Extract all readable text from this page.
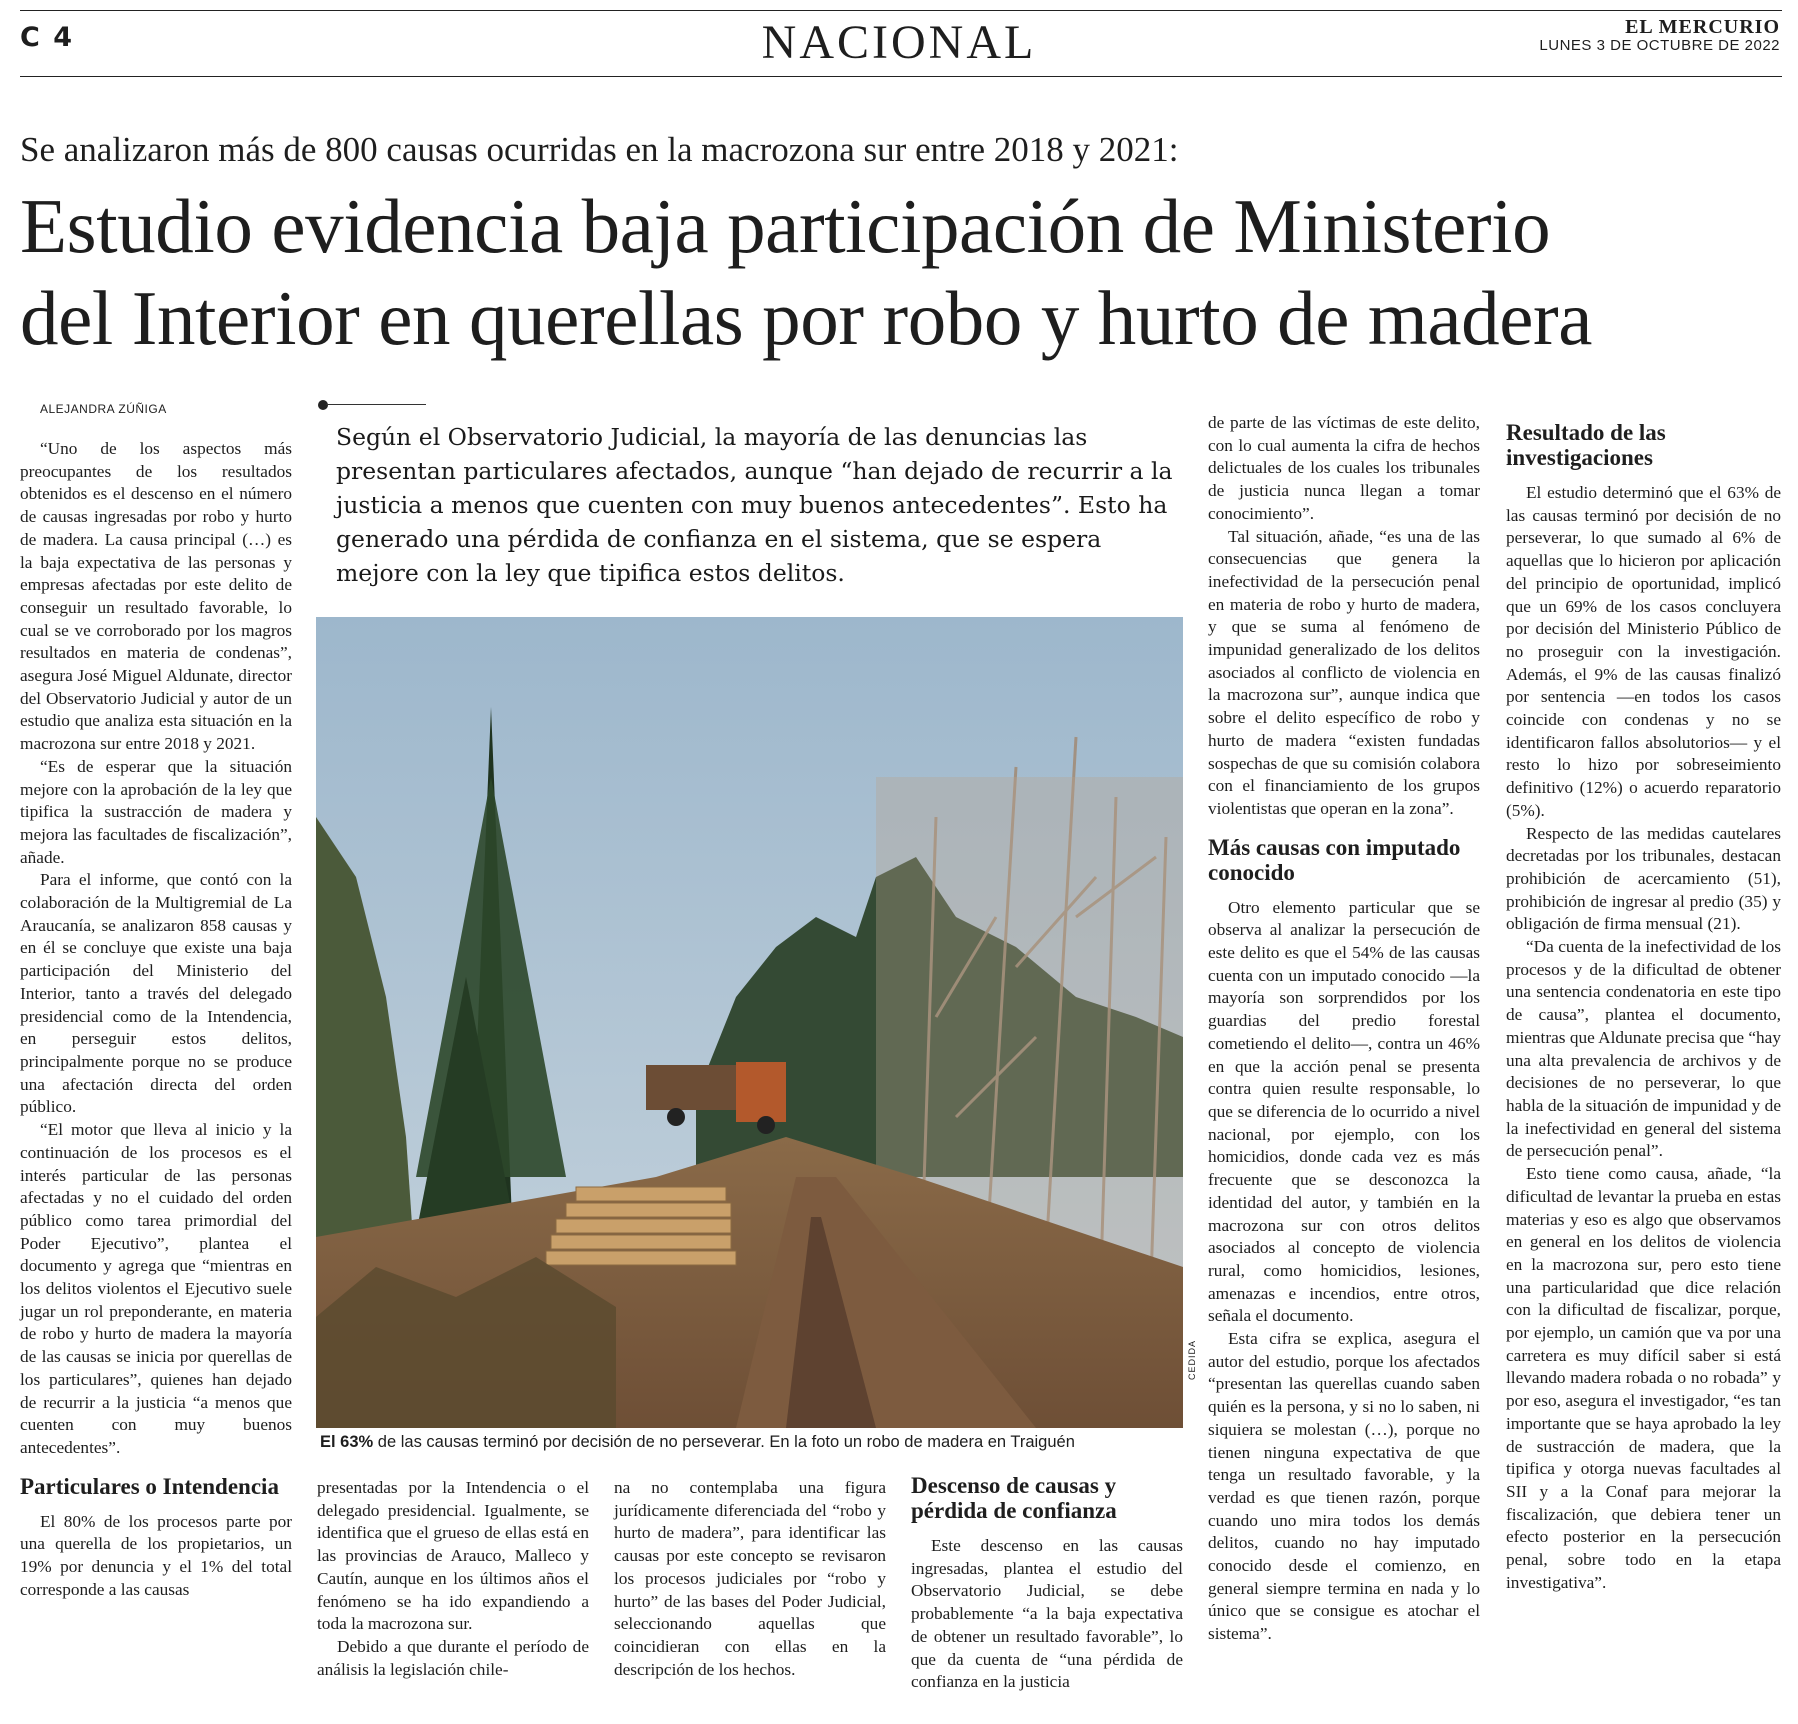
C 4	NACIONAL	EL MERCURIO
LUNES 3 DE OCTUBRE DE 2022
Se analizaron más de 800 causas ocurridas en la macrozona sur entre 2018 y 2021:
Estudio evidencia baja participación de Ministerio
del Interior en querellas por robo y hurto de madera
ALEJANDRA ZÚÑIGA
Según el Observatorio Judicial, la mayoría de las denuncias las presentan particulares afectados, aunque “han dejado de recurrir a la justicia a menos que cuenten con muy buenos antecedentes”. Esto ha generado una pérdida de confianza en el sistema, que se espera mejore con la ley que tipifica estos delitos.

“Uno de los aspectos más preocupantes de los resultados obtenidos es el descenso en el número de causas ingresadas por robo y hurto de madera. La causa principal (…) es la baja expectativa de las personas y empresas afectadas por este delito de conseguir un resultado favorable, lo cual se ve corroborado por los magros resultados en materia de condenas”, asegura José Miguel Aldunate, director del Observatorio Judicial y autor de un estudio que analiza esta situación en la macrozona sur entre 2018 y 2021.

“Es de esperar que la situación mejore con la aprobación de la ley que tipifica la sustracción de madera y mejora las facultades de fiscalización”, añade.

Para el informe, que contó con la colaboración de la Multigremial de La Araucanía, se analizaron 858 causas y en él se concluye que existe una baja participación del Ministerio del Interior, tanto a través del delegado presidencial como de la Intendencia, en perseguir estos delitos, principalmente porque no se produce una afectación directa del orden público.

“El motor que lleva al inicio y la continuación de los procesos es el interés particular de las personas afectadas y no el cuidado del orden público como tarea primordial del Poder Ejecutivo”, plantea el documento y agrega que “mientras en los delitos violentos el Ejecutivo suele jugar un rol preponderante, en materia de robo y hurto de madera la mayoría de las causas se inicia por querellas de los particulares”, quienes han dejado de recurrir a la justicia “a menos que cuenten con muy buenos antecedentes”.

Particulares o Intendencia

El 80% de los procesos parte por una querella de los propietarios, un 19% por denuncia y el 1% del total corresponde a las causas

CEDIDA
El 63% de las causas terminó por decisión de no perseverar. En la foto un robo de madera en Traiguén

presentadas por la Intendencia o el delegado presidencial. Igualmente, se identifica que el grueso de ellas está en las provincias de Arauco, Malleco y Cautín, aunque en los últimos años el fenómeno se ha ido expandiendo a toda la macrozona sur.

Debido a que durante el período de análisis la legislación chile-

na no contemplaba una figura jurídicamente diferenciada del “robo y hurto de madera”, para identificar las causas por este concepto se revisaron los procesos judiciales por “robo y hurto” de las bases del Poder Judicial, seleccionando aquellas que coincidieran con ellas en la descripción de los hechos.

Descenso de causas y pérdida de confianza

Este descenso en las causas ingresadas, plantea el estudio del Observatorio Judicial, se debe probablemente “a la baja expectativa de obtener un resultado favorable”, lo que da cuenta de “una pérdida de confianza en la justicia

de parte de las víctimas de este delito, con lo cual aumenta la cifra de hechos delictuales de los cuales los tribunales de justicia nunca llegan a tomar conocimiento”.

Tal situación, añade, “es una de las consecuencias que genera la inefectividad de la persecución penal en materia de robo y hurto de madera, y que se suma al fenómeno de impunidad generalizado de los delitos asociados al conflicto de violencia en la macrozona sur”, aunque indica que sobre el delito específico de robo y hurto de madera “existen fundadas sospechas de que su comisión colabora con el financiamiento de los grupos violentistas que operan en la zona”.

Más causas con imputado conocido

Otro elemento particular que se observa al analizar la persecución de este delito es que el 54% de las causas cuenta con un imputado conocido —la mayoría son sorprendidos por los guardias del predio forestal cometiendo el delito—, contra un 46% en que la acción penal se presenta contra quien resulte responsable, lo que se diferencia de lo ocurrido a nivel nacional, por ejemplo, con los homicidios, donde cada vez es más frecuente que se desconozca la identidad del autor, y también en la macrozona sur con otros delitos asociados al concepto de violencia rural, como homicidios, lesiones, amenazas e incendios, entre otros, señala el documento.

Esta cifra se explica, asegura el autor del estudio, porque los afectados “presentan las querellas cuando saben quién es la persona, y si no lo saben, ni siquiera se molestan (…), porque no tienen ninguna expectativa de que tenga un resultado favorable, y la verdad es que tienen razón, porque cuando uno mira todos los demás delitos, cuando no hay imputado conocido desde el comienzo, en general siempre termina en nada y lo único que se consigue es atochar el sistema”.

Resultado de las investigaciones

El estudio determinó que el 63% de las causas terminó por decisión de no perseverar, lo que sumado al 6% de aquellas que lo hicieron por aplicación del principio de oportunidad, implicó que un 69% de los casos concluyera por decisión del Ministerio Público de no proseguir con la investigación. Además, el 9% de las causas finalizó por sentencia —en todos los casos coincide con condenas y no se identificaron fallos absolutorios— y el resto lo hizo por sobreseimiento definitivo (12%) o acuerdo reparatorio (5%).

Respecto de las medidas cautelares decretadas por los tribunales, destacan prohibición de acercamiento (51), prohibición de ingresar al predio (35) y obligación de firma mensual (21).

“Da cuenta de la inefectividad de los procesos y de la dificultad de obtener una sentencia condenatoria en este tipo de causa”, plantea el documento, mientras que Aldunate precisa que “hay una alta prevalencia de archivos y de decisiones de no perseverar, lo que habla de la situación de impunidad y de la inefectividad en general del sistema de persecución penal”.

Esto tiene como causa, añade, “la dificultad de levantar la prueba en estas materias y eso es algo que observamos en general en los delitos de violencia en la macrozona sur, pero esto tiene una particularidad que dice relación con la dificultad de fiscalizar, porque, por ejemplo, un camión que va por una carretera es muy difícil saber si está llevando madera robada o no robada” y por eso, asegura el investigador, “es tan importante que se haya aprobado la ley de sustracción de madera, que la tipifica y otorga nuevas facultades al SII y a la Conaf para mejorar la fiscalización, que debiera tener un efecto posterior en la persecución penal, sobre todo en la etapa investigativa”.
